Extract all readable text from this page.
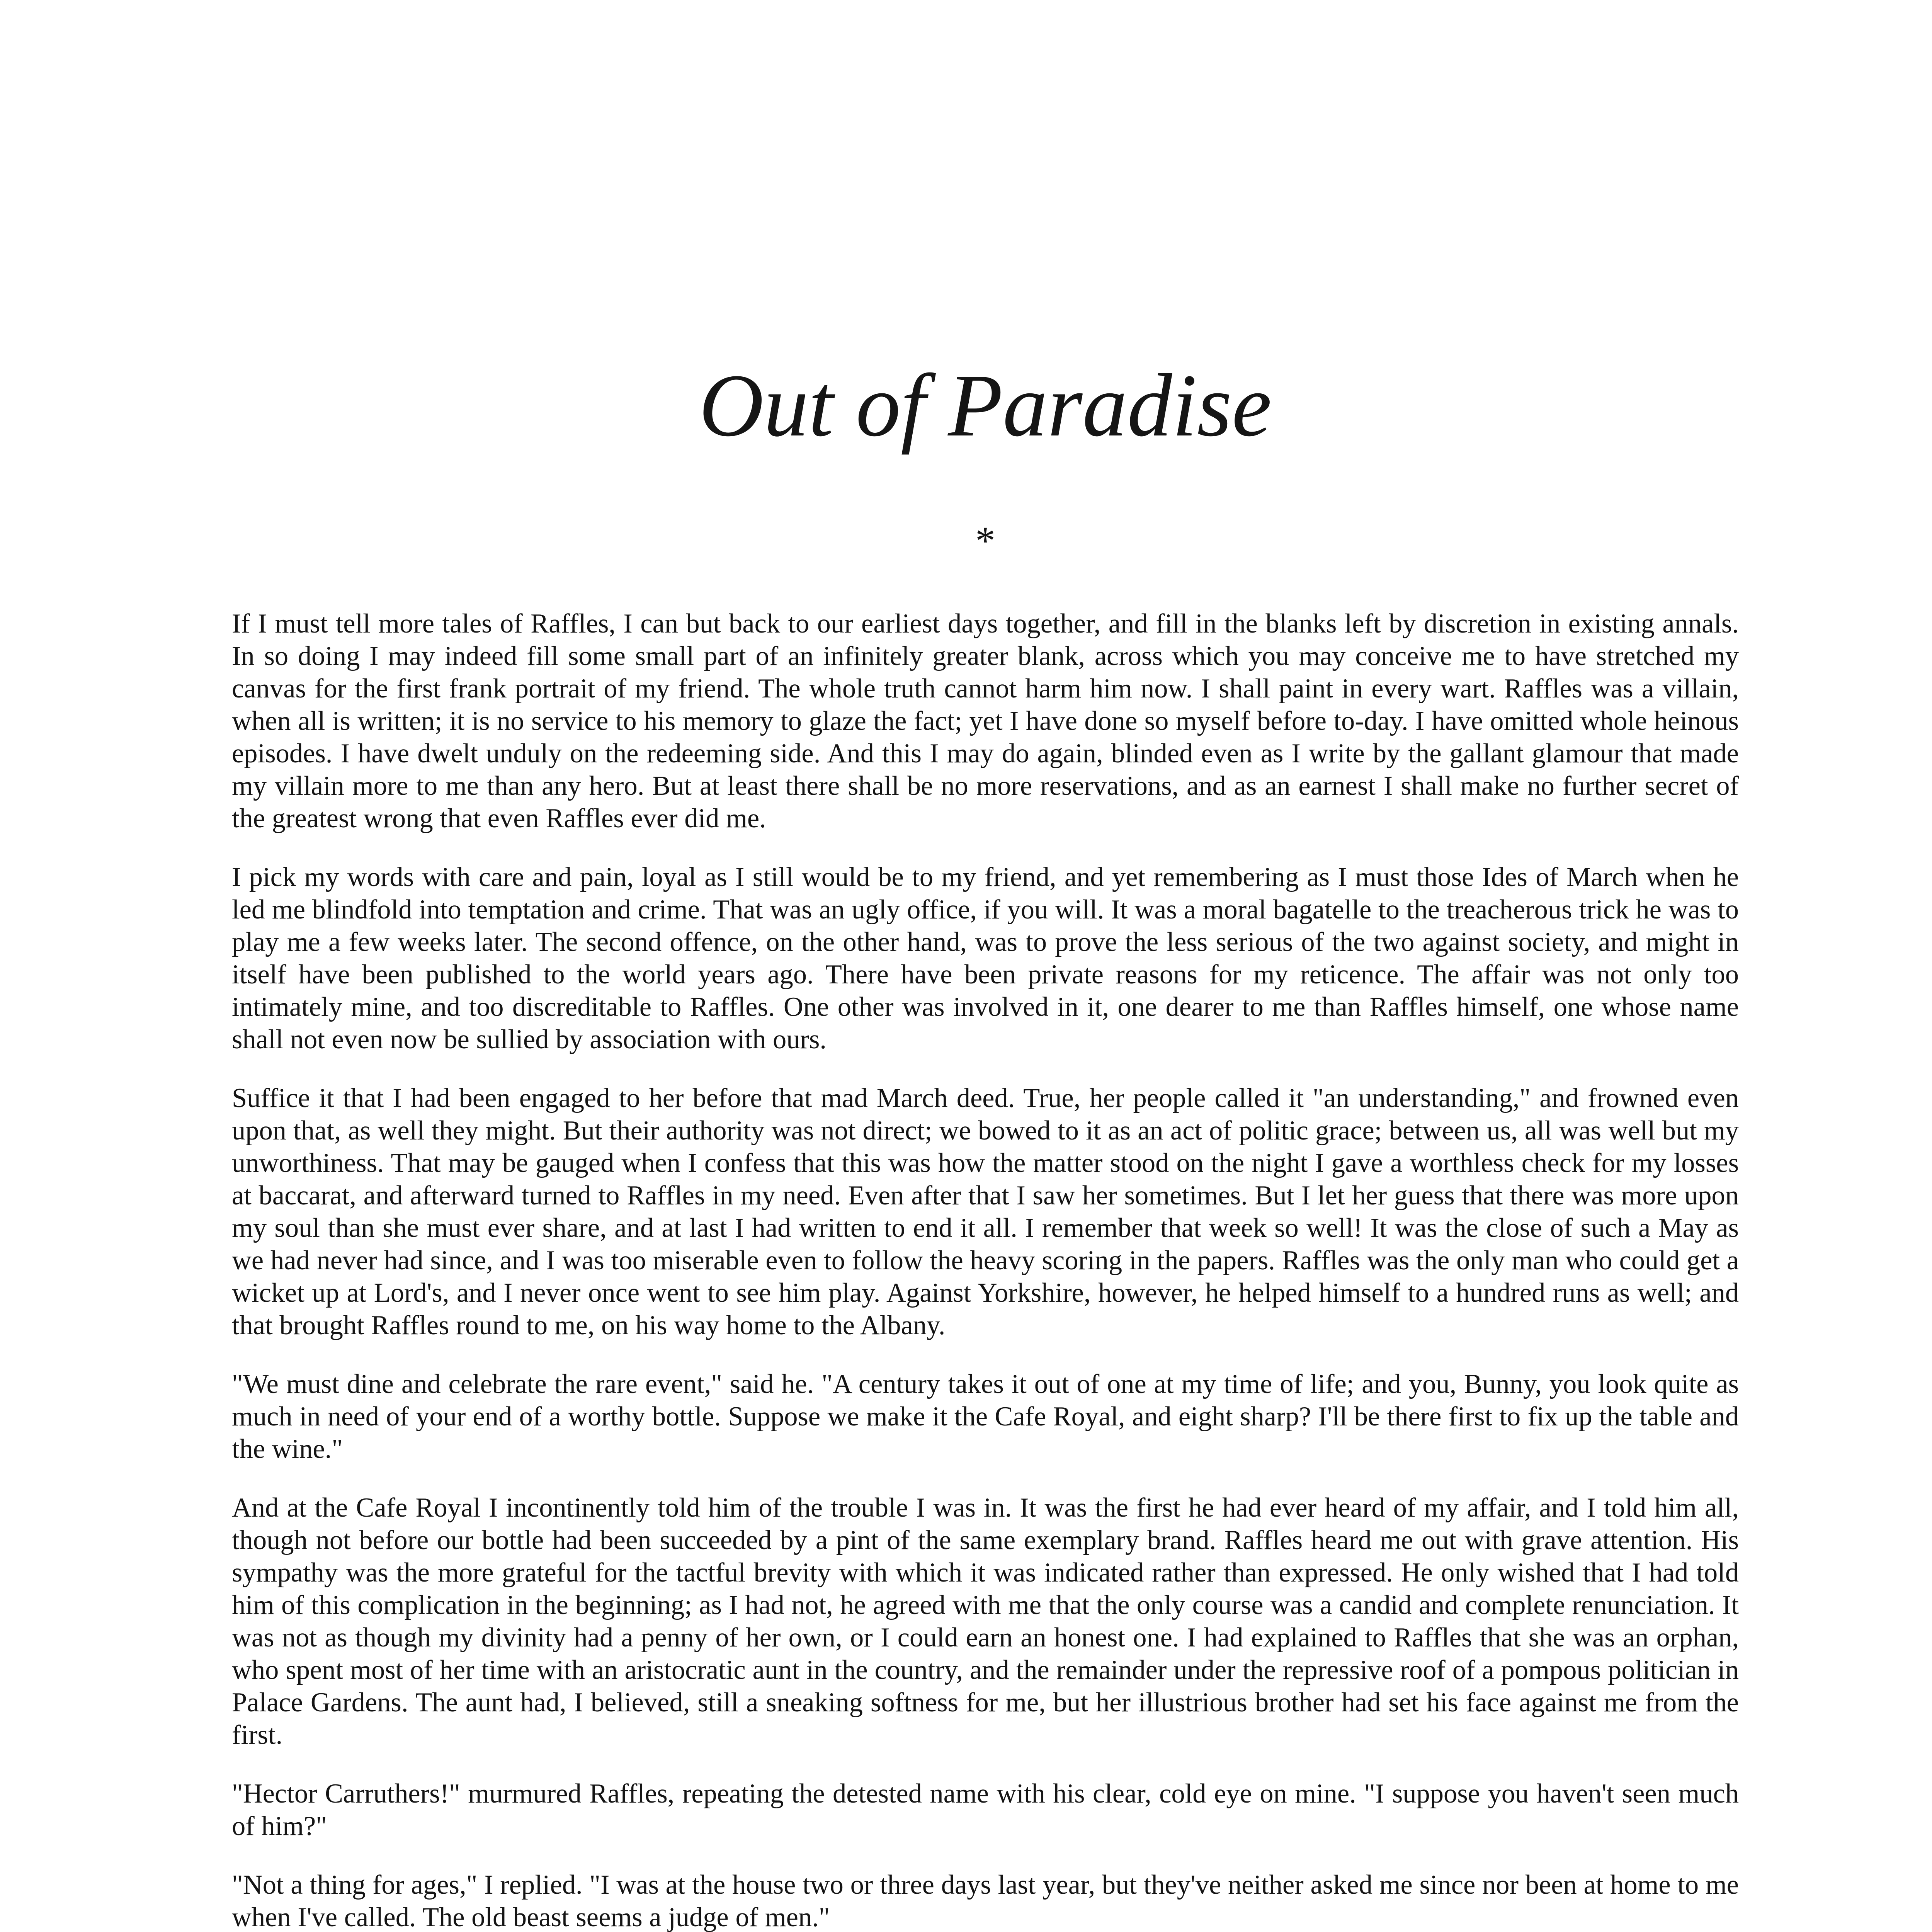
Out of Paradise
*

If I must tell more tales of Raffles, I can but back to our earliest days together, and fill in the blanks left by discretion in existing annals. In so doing I may indeed fill some small part of an infinitely greater blank, across which you may conceive me to have stretched my canvas for the first frank portrait of my friend. The whole truth cannot harm him now. I shall paint in every wart. Raffles was a villain, when all is written; it is no service to his memory to glaze the fact; yet I have done so myself before to-day. I have omitted whole heinous episodes. I have dwelt unduly on the redeeming side. And this I may do again, blinded even as I write by the gallant glamour that made my villain more to me than any hero. But at least there shall be no more reservations, and as an earnest I shall make no further secret of the greatest wrong that even Raffles ever did me.

I pick my words with care and pain, loyal as I still would be to my friend, and yet remembering as I must those Ides of March when he led me blindfold into temptation and crime. That was an ugly office, if you will. It was a moral bagatelle to the treacherous trick he was to play me a few weeks later. The second offence, on the other hand, was to prove the less serious of the two against society, and might in itself have been published to the world years ago. There have been private reasons for my reticence. The affair was not only too intimately mine, and too discreditable to Raffles. One other was involved in it, one dearer to me than Raffles himself, one whose name shall not even now be sullied by association with ours.

Suffice it that I had been engaged to her before that mad March deed. True, her people called it "an understanding," and frowned even upon that, as well they might. But their authority was not direct; we bowed to it as an act of politic grace; between us, all was well but my unworthiness. That may be gauged when I confess that this was how the matter stood on the night I gave a worthless check for my losses at baccarat, and afterward turned to Raffles in my need. Even after that I saw her sometimes. But I let her guess that there was more upon my soul than she must ever share, and at last I had written to end it all. I remember that week so well! It was the close of such a May as we had never had since, and I was too miserable even to follow the heavy scoring in the papers. Raffles was the only man who could get a wicket up at Lord's, and I never once went to see him play. Against Yorkshire, however, he helped himself to a hundred runs as well; and that brought Raffles round to me, on his way home to the Albany.

"We must dine and celebrate the rare event," said he. "A century takes it out of one at my time of life; and you, Bunny, you look quite as much in need of your end of a worthy bottle. Suppose we make it the Cafe Royal, and eight sharp? I'll be there first to fix up the table and the wine."

And at the Cafe Royal I incontinently told him of the trouble I was in. It was the first he had ever heard of my affair, and I told him all, though not before our bottle had been succeeded by a pint of the same exemplary brand. Raffles heard me out with grave attention. His sympathy was the more grateful for the tactful brevity with which it was indicated rather than expressed. He only wished that I had told him of this complication in the beginning; as I had not, he agreed with me that the only course was a candid and complete renunciation. It was not as though my divinity had a penny of her own, or I could earn an honest one. I had explained to Raffles that she was an orphan, who spent most of her time with an aristocratic aunt in the country, and the remainder under the repressive roof of a pompous politician in Palace Gardens. The aunt had, I believed, still a sneaking softness for me, but her illustrious brother had set his face against me from the first.

"Hector Carruthers!" murmured Raffles, repeating the detested name with his clear, cold eye on mine. "I suppose you haven't seen much of him?"

"Not a thing for ages," I replied. "I was at the house two or three days last year, but they've neither asked me since nor been at home to me when I've called. The old beast seems a judge of men."
